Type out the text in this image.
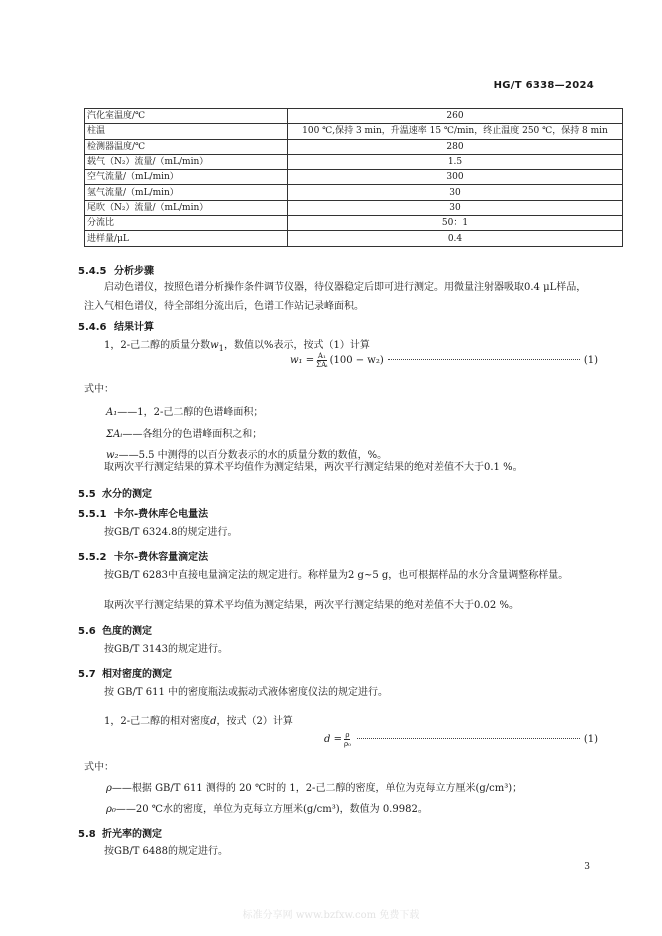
HG/T 6338—2024
汽化室温度/℃	260
柱温	100 ℃,保持 3 min，升温速率 15 ℃/min，终止温度 250 ℃，保持 8 min
检测器温度/℃	280
载气（N₂）流量/（mL/min）	1.5
空气流量/（mL/min）	300
氢气流量/（mL/min）	30
尾吹（N₂）流量/（mL/min）	30
分流比	50：1
进样量/μL	0.4
5.4.5 分析步骤
启动色谱仪，按照色谱分析操作条件调节仪器，待仪器稳定后即可进行测定。用微量注射器吸取0.4 μL样品，注入气相色谱仪，待全部组分流出后，色谱工作站记录峰面积。
5.4.6 结果计算
1，2-己二醇的质量分数$w_1$，数值以%表示，按式（1）计算
$w_1 = \frac{\text{A₁}}{\text{ΣAᵢ}} (100 - w_2)$	(1)
式中：
A₁——1，2-己二醇的色谱峰面积；
ΣAᵢ——各组分的色谱峰面积之和；
w₂——5.5 中测得的以百分数表示的水的质量分数的数值，%。
取两次平行测定结果的算术平均值作为测定结果，两次平行测定结果的绝对差值不大于0.1 %。
5.5 水分的测定
5.5.1 卡尔-费休库仑电量法
按GB/T 6324.8的规定进行。
5.5.2 卡尔-费休容量滴定法
按GB/T 6283中直接电量滴定法的规定进行。称样量为2 g~5 g，也可根据样品的水分含量调整称样量。
取两次平行测定结果的算术平均值为测定结果，两次平行测定结果的绝对差值不大于0.02 %。
5.6 色度的测定
按GB/T 3143的规定进行。
5.7 相对密度的测定
按 GB/T 611 中的密度瓶法或振动式液体密度仪法的规定进行。
1，2-己二醇的相对密度d，按式（2）计算
$d = \frac{\rho}{\text{ρ₀}}$	(1)
式中：
ρ——根据 GB/T 611 测得的 20 ℃时的 1，2-己二醇的密度，单位为克每立方厘米(g/cm³)；
ρ₀——20 ℃水的密度，单位为克每立方厘米(g/cm³)，数值为 0.9982。
5.8 折光率的测定
按GB/T 6488的规定进行。
3
标准分享网 www.bzfxw.com 免费下载
